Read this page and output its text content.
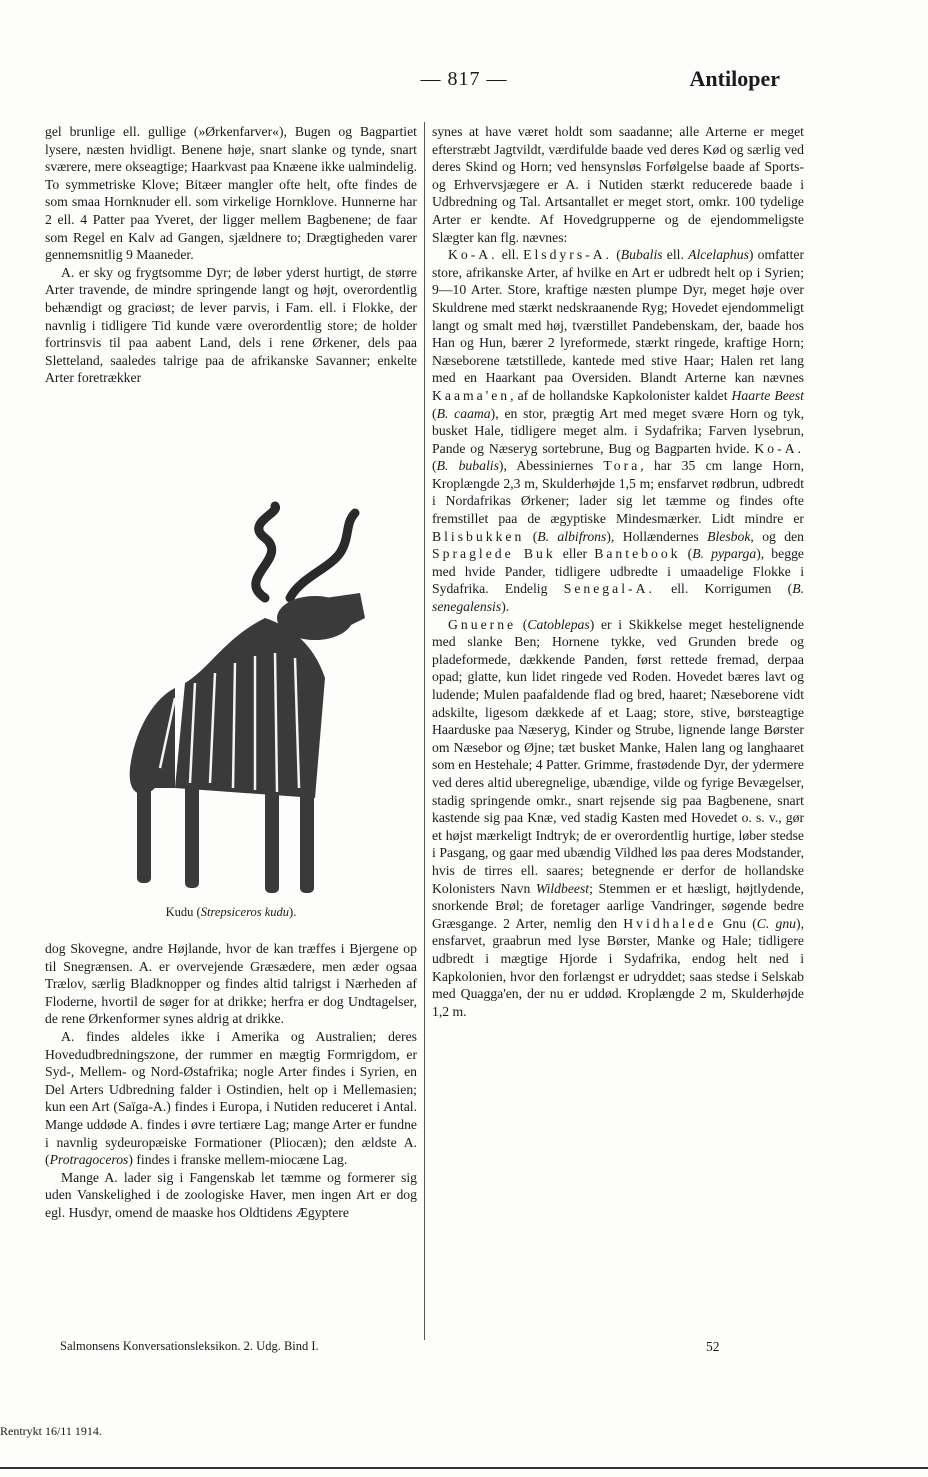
— 817 —	Antiloper

gel brunlige ell. gullige (»Ørkenfarver«), Bugen og Bagpartiet lysere, næsten hvidligt. Benene høje, snart slanke og tynde, snart sværere, mere okseagtige; Haarkvast paa Knæene ikke ualmindelig. To symmetriske Klove; Bitæer mangler ofte helt, ofte findes de som smaa Hornknuder ell. som virkelige Hornklove. Hunnerne har 2 ell. 4 Patter paa Yveret, der ligger mellem Bagbenene; de faar som Regel en Kalv ad Gangen, sjældnere to; Drægtigheden varer gennemsnitlig 9 Maaneder.

A. er sky og frygtsomme Dyr; de løber yderst hurtigt, de større Arter travende, de mindre springende langt og højt, overordentlig behændigt og graciøst; de lever parvis, i Fam. ell. i Flokke, der navnlig i tidligere Tid kunde være overordentlig store; de holder fortrinsvis til paa aabent Land, dels i rene Ørkener, dels paa Sletteland, saaledes talrige paa de afrikanske Savanner; enkelte Arter foretrækker

Kudu (Strepsiceros kudu).

dog Skovegne, andre Højlande, hvor de kan træffes i Bjergene op til Snegrænsen. A. er overvejende Græsædere, men æder ogsaa Trælov, særlig Bladknopper og findes altid talrigst i Nærheden af Floderne, hvortil de søger for at drikke; herfra er dog Undtagelser, de rene Ørkenformer synes aldrig at drikke.

A. findes aldeles ikke i Amerika og Australien; deres Hovedudbredningszone, der rummer en mægtig Formrigdom, er Syd-, Mellem- og Nord-Østafrika; nogle Arter findes i Syrien, en Del Arters Udbredning falder i Ostindien, helt op i Mellemasien; kun een Art (Saïga-A.) findes i Europa, i Nutiden reduceret i Antal. Mange uddøde A. findes i øvre tertiære Lag; mange Arter er fundne i navnlig sydeuropæiske Formationer (Pliocæn); den ældste A. (Protragoceros) findes i franske mellem-miocæne Lag.

Mange A. lader sig i Fangenskab let tæmme og formerer sig uden Vanskelighed i de zoologiske Haver, men ingen Art er dog egl. Husdyr, omend de maaske hos Oldtidens Ægyptere

synes at have været holdt som saadanne; alle Arterne er meget efterstræbt Jagtvildt, værdifulde baade ved deres Kød og særlig ved deres Skind og Horn; ved hensynsløs Forfølgelse baade af Sports- og Erhvervsjægere er A. i Nutiden stærkt reducerede baade i Udbredning og Tal. Artsantallet er meget stort, omkr. 100 tydelige Arter er kendte. Af Hovedgrupperne og de ejendommeligste Slægter kan flg. nævnes:

Ko-A. ell. Elsdyrs-A. (Bubalis ell. Alcelaphus) omfatter store, afrikanske Arter, af hvilke en Art er udbredt helt op i Syrien; 9—10 Arter. Store, kraftige næsten plumpe Dyr, meget høje over Skuldrene med stærkt nedskraanende Ryg; Hovedet ejendommeligt langt og smalt med høj, tværstillet Pandebenskam, der, baade hos Han og Hun, bærer 2 lyreformede, stærkt ringede, kraftige Horn; Næseborene tætstillede, kantede med stive Haar; Halen ret lang med en Haarkant paa Oversiden. Blandt Arterne kan nævnes Kaama'en, af de hollandske Kapkolonister kaldet Haarte Beest (B. caama), en stor, prægtig Art med meget svære Horn og tyk, busket Hale, tidligere meget alm. i Sydafrika; Farven lysebrun, Pande og Næseryg sortebrune, Bug og Bagparten hvide. Ko-A. (B. bubalis), Abessiniernes Tora, har 35 cm lange Horn, Kroplængde 2,3 m, Skulderhøjde 1,5 m; ensfarvet rødbrun, udbredt i Nordafrikas Ørkener; lader sig let tæmme og findes ofte fremstillet paa de ægyptiske Mindesmærker. Lidt mindre er Blisbukken (B. albifrons), Hollændernes Blesbok, og den Spraglede Buk eller Bantebook (B. pyparga), begge med hvide Pander, tidligere udbredte i umaadelige Flokke i Sydafrika. Endelig Senegal-A. ell. Korrigumen (B. senegalensis).

Gnuerne (Catoblepas) er i Skikkelse meget hestelignende med slanke Ben; Hornene tykke, ved Grunden brede og pladeformede, dækkende Panden, først rettede fremad, derpaa opad; glatte, kun lidet ringede ved Roden. Hovedet bæres lavt og ludende; Mulen paafaldende flad og bred, haaret; Næseborene vidt adskilte, ligesom dækkede af et Laag; store, stive, børsteagtige Haarduske paa Næseryg, Kinder og Strube, lignende lange Børster om Næsebor og Øjne; tæt busket Manke, Halen lang og langhaaret som en Hestehale; 4 Patter. Grimme, frastødende Dyr, der ydermere ved deres altid uberegnelige, ubændige, vilde og fyrige Bevægelser, stadig springende omkr., snart rejsende sig paa Bagbenene, snart kastende sig paa Knæ, ved stadig Kasten med Hovedet o. s. v., gør et højst mærkeligt Indtryk; de er overordentlig hurtige, løber stedse i Pasgang, og gaar med ubændig Vildhed løs paa deres Modstander, hvis de tirres ell. saares; betegnende er derfor de hollandske Kolonisters Navn Wildbeest; Stemmen er et hæsligt, højtlydende, snorkende Brøl; de foretager aarlige Vandringer, søgende bedre Græsgange. 2 Arter, nemlig den Hvidhalede Gnu (C. gnu), ensfarvet, graabrun med lyse Børster, Manke og Hale; tidligere udbredt i mægtige Hjorde i Sydafrika, endog helt ned i Kapkolonien, hvor den forlængst er udryddet; saas stedse i Selskab med Quagga'en, der nu er uddød. Kroplængde 2 m, Skulderhøjde 1,2 m.

Salmonsens Konversationsleksikon. 2. Udg. Bind I.	52
Rentrykt 16/11 1914.
